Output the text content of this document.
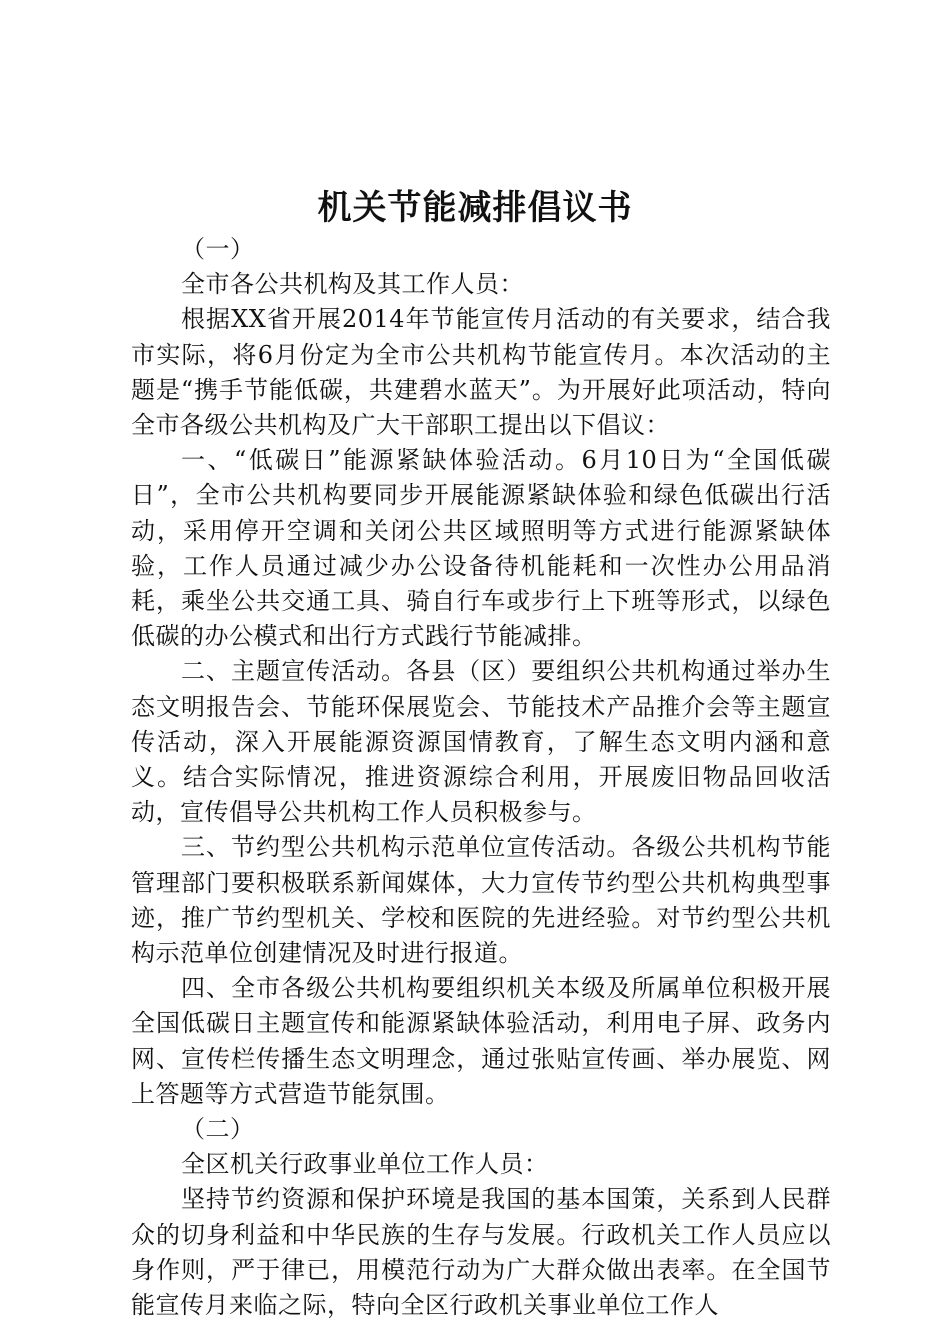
机关节能减排倡议书

（一）

全市各公共机构及其工作人员：

根据XX省开展2014年节能宣传月活动的有关要求，结合我市实际，将6月份定为全市公共机构节能宣传月。本次活动的主题是“携手节能低碳，共建碧水蓝天”。为开展好此项活动，特向全市各级公共机构及广大干部职工提出以下倡议：

一、“低碳日”能源紧缺体验活动。6月10日为“全国低碳日”，全市公共机构要同步开展能源紧缺体验和绿色低碳出行活动，采用停开空调和关闭公共区域照明等方式进行能源紧缺体验，工作人员通过减少办公设备待机能耗和一次性办公用品消耗，乘坐公共交通工具、骑自行车或步行上下班等形式，以绿色低碳的办公模式和出行方式践行节能减排。

二、主题宣传活动。各县（区）要组织公共机构通过举办生态文明报告会、节能环保展览会、节能技术产品推介会等主题宣传活动，深入开展能源资源国情教育，了解生态文明内涵和意义。结合实际情况，推进资源综合利用，开展废旧物品回收活动，宣传倡导公共机构工作人员积极参与。

三、节约型公共机构示范单位宣传活动。各级公共机构节能管理部门要积极联系新闻媒体，大力宣传节约型公共机构典型事迹，推广节约型机关、学校和医院的先进经验。对节约型公共机构示范单位创建情况及时进行报道。

四、全市各级公共机构要组织机关本级及所属单位积极开展全国低碳日主题宣传和能源紧缺体验活动，利用电子屏、政务内网、宣传栏传播生态文明理念，通过张贴宣传画、举办展览、网上答题等方式营造节能氛围。

（二）

全区机关行政事业单位工作人员：

坚持节约资源和保护环境是我国的基本国策，关系到人民群众的切身利益和中华民族的生存与发展。行政机关工作人员应以身作则，严于律已，用模范行动为广大群众做出表率。在全国节能宣传月来临之际，特向全区行政机关事业单位工作人
